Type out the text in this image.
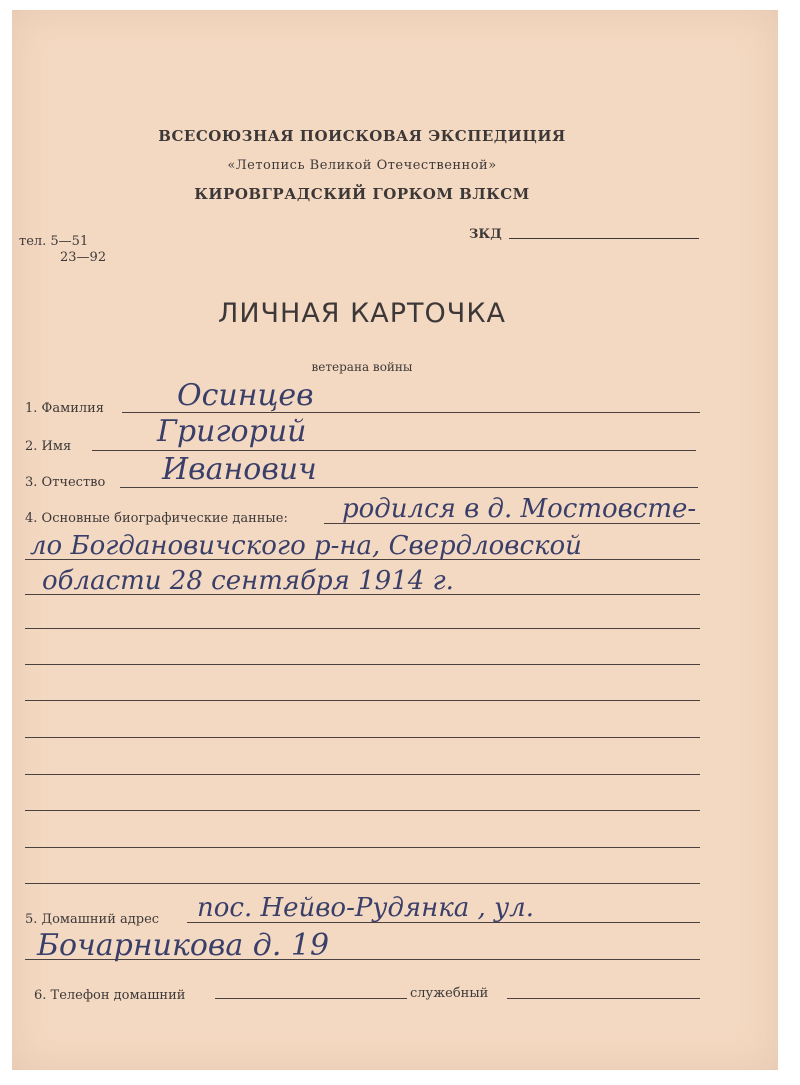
ВСЕСОЮЗНАЯ ПОИСКОВАЯ ЭКСПЕДИЦИЯ
«Летопись Великой Отечественной»
КИРОВГРАДСКИЙ ГОРКОМ ВЛКСМ
тел. 5—51
23—92
ЗКД
ЛИЧНАЯ КАРТОЧКА
ветерана войны
1. Фамилия Осинцев
2. Имя	Григорий
3. Отчество Иванович
4. Основные биографические данные: родился в д. Мостовсте-
ло Богдановичского р-на, Свердловской
области 28 сентября 1914 г.
5. Домашний адрес пос. Нейво-Рудянка , ул.
Бочарникова д. 19
6. Телефон домашний	служебный
